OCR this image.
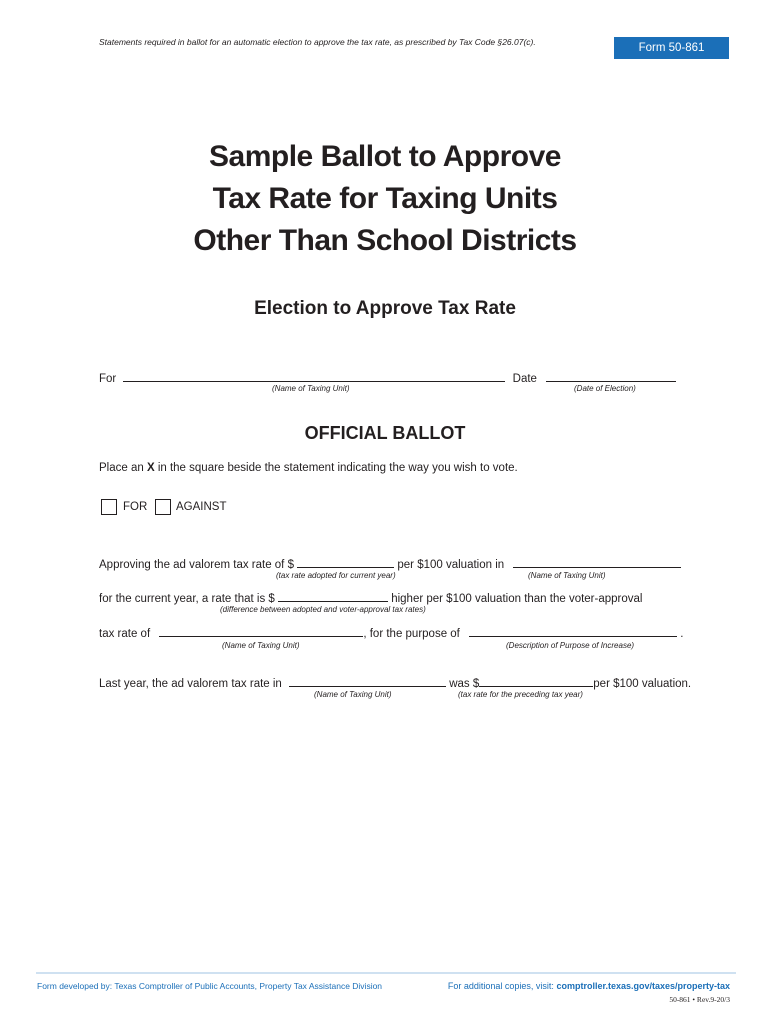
Statements required in ballot for an automatic election to approve the tax rate, as prescribed by Tax Code §26.07(c).	Form 50-861
Sample Ballot to Approve
Tax Rate for Taxing Units
Other Than School Districts
Election to Approve Tax Rate
For	Date
(Name of Taxing Unit)	(Date of Election)
OFFICIAL BALLOT
Place an X in the square beside the statement indicating the way you wish to vote.
FOR AGAINST
Approving the ad valorem tax rate of $	per $100 valuation in
(tax rate adopted for current year)	(Name of Taxing Unit)
for the current year, a rate that is $	higher per $100 valuation than the voter-approval
(difference between adopted and voter-approval tax rates)
tax rate of	, for the purpose of	.
(Name of Taxing Unit)	(Description of Purpose of Increase)
Last year, the ad valorem tax rate in	was $	per $100 valuation.
(Name of Taxing Unit)	(tax rate for the preceding tax year)
Form developed by: Texas Comptroller of Public Accounts, Property Tax Assistance Division	For additional copies, visit: comptroller.texas.gov/taxes/property-tax
50-861 • Rev.9-20/3
